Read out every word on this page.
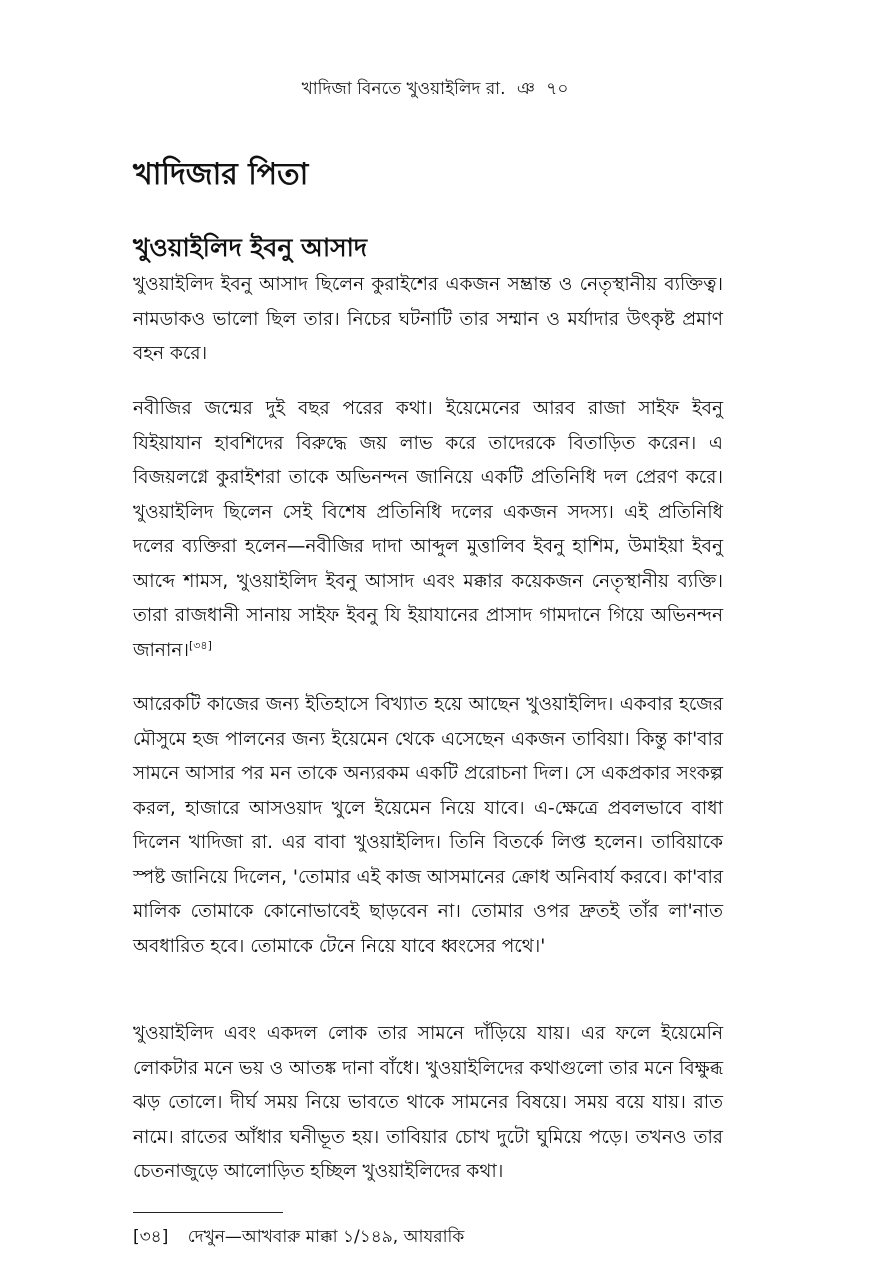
খাদিজা বিনতে খুওয়াইলিদ রা. ঞ ৭০
খাদিজার পিতা
খুওয়াইলিদ ইবনু আসাদ

খুওয়াইলিদ ইবনু আসাদ ছিলেন কুরাইশের একজন সম্ভ্রান্ত ও নেতৃস্থানীয় ব্যক্তিত্ব। নামডাকও ভালো ছিল তার। নিচের ঘটনাটি তার সম্মান ও মর্যাদার উৎকৃষ্ট প্রমাণ বহন করে।

নবীজির জন্মের দুই বছর পরের কথা। ইয়েমেনের আরব রাজা সাইফ ইবনু যিইয়াযান হাবশিদের বিরুদ্ধে জয় লাভ করে তাদেরকে বিতাড়িত করেন। এ বিজয়লগ্নে কুরাইশরা তাকে অভিনন্দন জানিয়ে একটি প্রতিনিধি দল প্রেরণ করে। খুওয়াইলিদ ছিলেন সেই বিশেষ প্রতিনিধি দলের একজন সদস্য। এই প্রতিনিধি দলের ব্যক্তিরা হলেন—নবীজির দাদা আব্দুল মুত্তালিব ইবনু হাশিম, উমাইয়া ইবনু আব্দে শামস, খুওয়াইলিদ ইবনু আসাদ এবং মক্কার কয়েকজন নেতৃস্থানীয় ব্যক্তি। তারা রাজধানী সানায় সাইফ ইবনু যি ইয়াযানের প্রাসাদ গামদানে গিয়ে অভিনন্দন জানান।[৩৪]

আরেকটি কাজের জন্য ইতিহাসে বিখ্যাত হয়ে আছেন খুওয়াইলিদ। একবার হজের মৌসুমে হজ পালনের জন্য ইয়েমেন থেকে এসেছেন একজন তাবিয়া। কিন্তু কা'বার সামনে আসার পর মন তাকে অন্যরকম একটি প্ররোচনা দিল। সে একপ্রকার সংকল্প করল, হাজারে আসওয়াদ খুলে ইয়েমেন নিয়ে যাবে। এ-ক্ষেত্রে প্রবলভাবে বাধা দিলেন খাদিজা রা. এর বাবা খুওয়াইলিদ। তিনি বিতর্কে লিপ্ত হলেন। তাবিয়াকে স্পষ্ট জানিয়ে দিলেন, 'তোমার এই কাজ আসমানের ক্রোধ অনিবার্য করবে। কা'বার মালিক তোমাকে কোনোভাবেই ছাড়বেন না। তোমার ওপর দ্রুতই তাঁর লা'নাত অবধারিত হবে। তোমাকে টেনে নিয়ে যাবে ধ্বংসের পথে।'

খুওয়াইলিদ এবং একদল লোক তার সামনে দাঁড়িয়ে যায়। এর ফলে ইয়েমেনি লোকটার মনে ভয় ও আতঙ্ক দানা বাঁধে। খুওয়াইলিদের কথাগুলো তার মনে বিক্ষুব্ধ ঝড় তোলে। দীর্ঘ সময় নিয়ে ভাবতে থাকে সামনের বিষয়ে। সময় বয়ে যায়। রাত নামে। রাতের আঁধার ঘনীভূত হয়। তাবিয়ার চোখ দুটো ঘুমিয়ে পড়ে। তখনও তার চেতনাজুড়ে আলোড়িত হচ্ছিল খুওয়াইলিদের কথা।

[৩৪] দেখুন—আখবারু মাক্কা ১/১৪৯, আযরাকি
